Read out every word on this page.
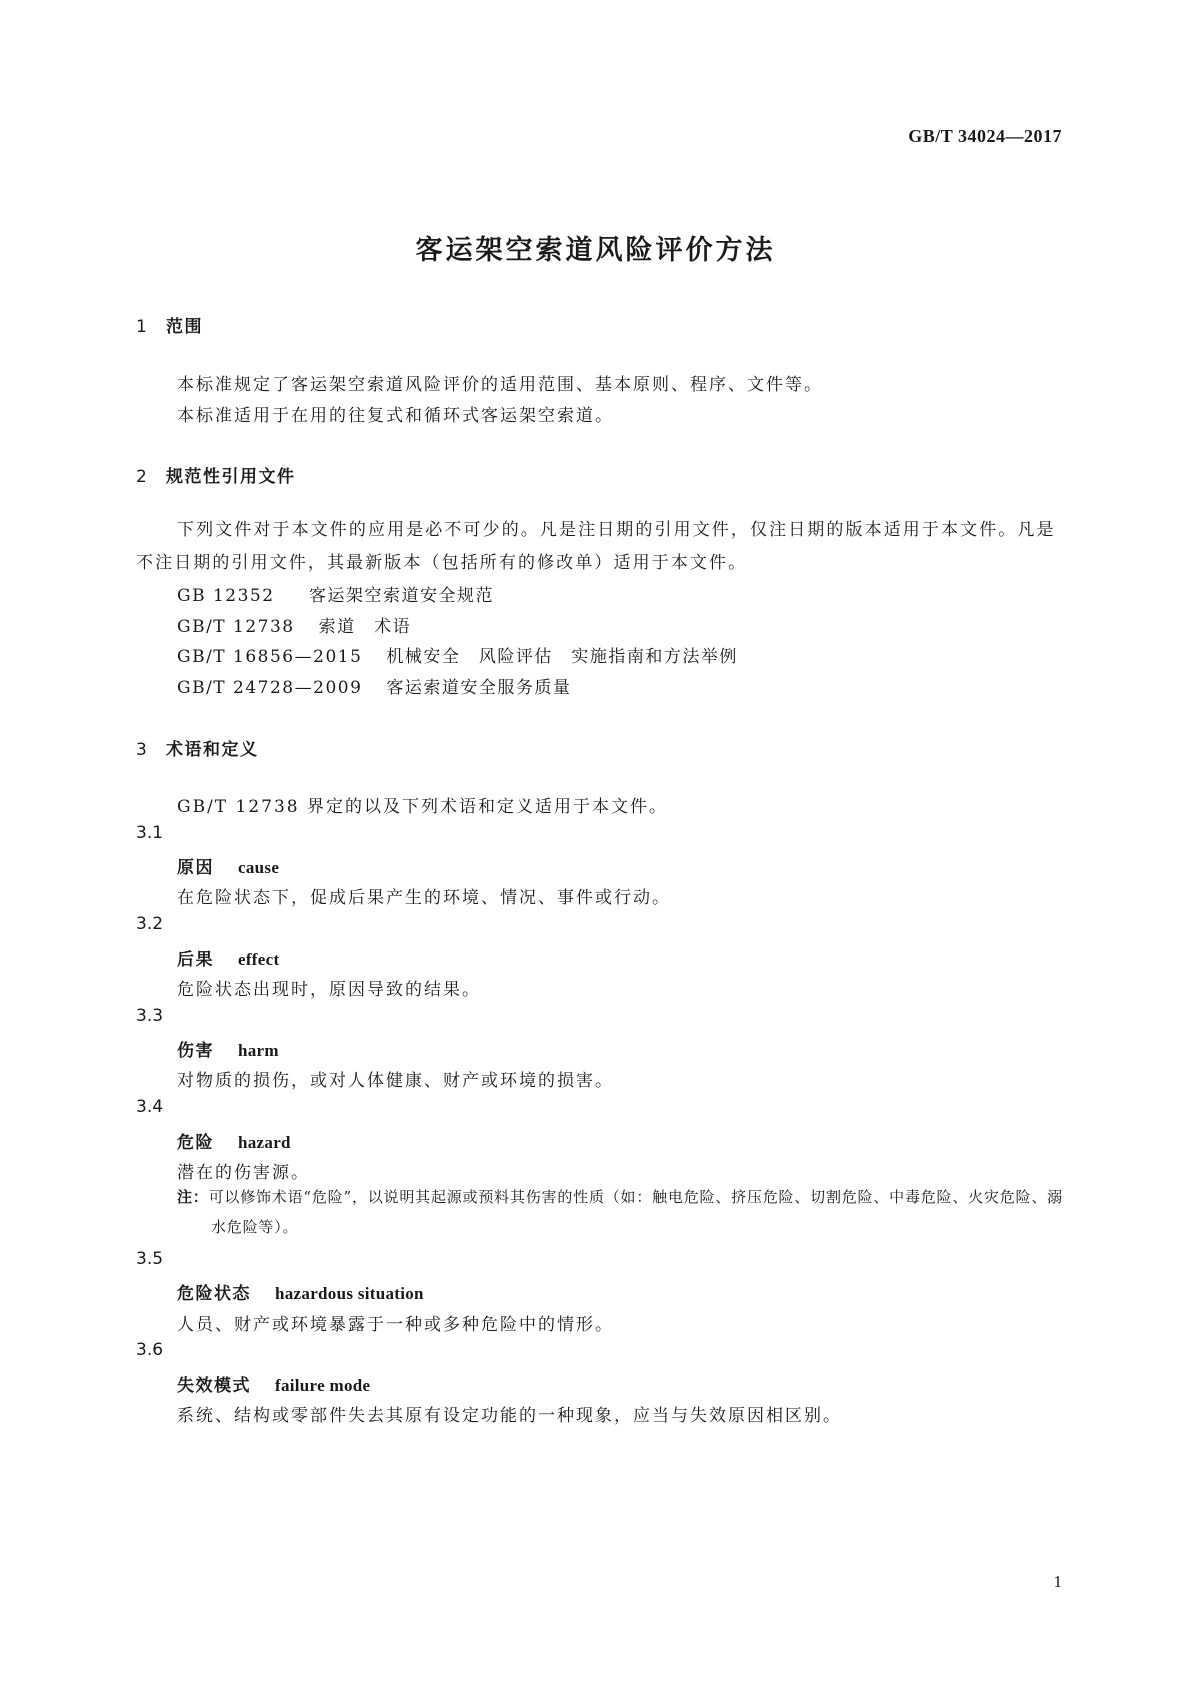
GB/T 34024—2017
客运架空索道风险评价方法
1 范围
本标准规定了客运架空索道风险评价的适用范围、基本原则、程序、文件等。
本标准适用于在用的往复式和循环式客运架空索道。
2 规范性引用文件
下列文件对于本文件的应用是必不可少的。凡是注日期的引用文件，仅注日期的版本适用于本文件。凡是不注日期的引用文件，其最新版本（包括所有的修改单）适用于本文件。
GB 12352 客运架空索道安全规范
GB/T 12738 索道　术语
GB/T 16856—2015 机械安全　风险评估　实施指南和方法举例
GB/T 24728—2009 客运索道安全服务质量
3 术语和定义
GB/T 12738 界定的以及下列术语和定义适用于本文件。
3.1
原因 cause
在危险状态下，促成后果产生的环境、情况、事件或行动。
3.2
后果 effect
危险状态出现时，原因导致的结果。
3.3
伤害 harm
对物质的损伤，或对人体健康、财产或环境的损害。
3.4
危险 hazard
潜在的伤害源。
注：可以修饰术语“危险”，以说明其起源或预料其伤害的性质（如：触电危险、挤压危险、切割危险、中毒危险、火灾危险、溺水危险等）。
3.5
危险状态 hazardous situation
人员、财产或环境暴露于一种或多种危险中的情形。
3.6
失效模式 failure mode
系统、结构或零部件失去其原有设定功能的一种现象，应当与失效原因相区别。
1
